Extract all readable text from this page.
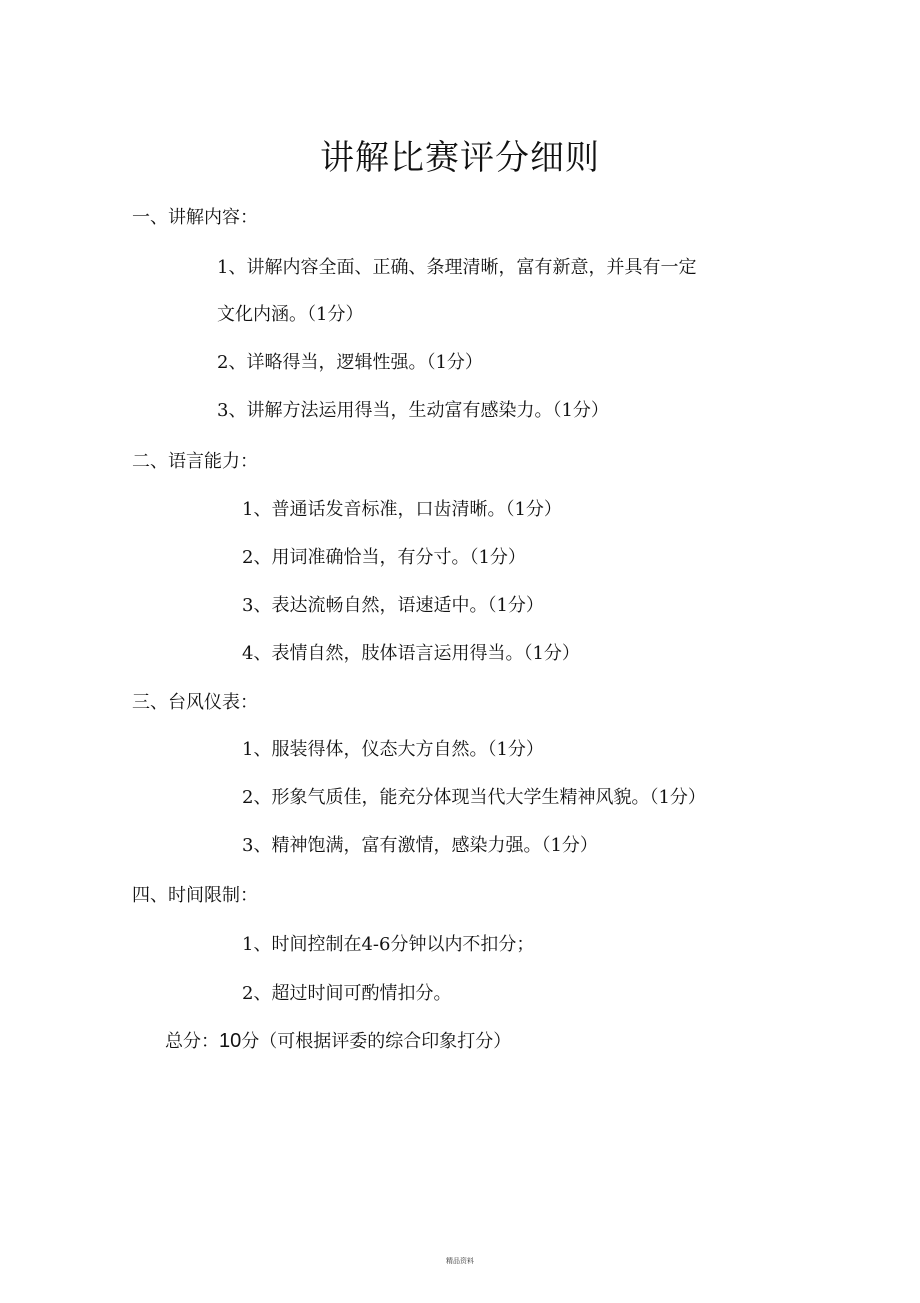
讲解比赛评分细则
一、讲解内容：
1、讲解内容全面、正确、条理清晰，富有新意，并具有一定
文化内涵。（1分）
2、详略得当，逻辑性强。（1分）
3、讲解方法运用得当，生动富有感染力。（1分）
二、语言能力：
1、普通话发音标准，口齿清晰。（1分）
2、用词准确恰当，有分寸。（1分）
3、表达流畅自然，语速适中。（1分）
4、表情自然，肢体语言运用得当。（1分）
三、台风仪表：
1、服装得体，仪态大方自然。（1分）
2、形象气质佳，能充分体现当代大学生精神风貌。（1分）
3、精神饱满，富有激情，感染力强。（1分）
四、时间限制：
1、时间控制在4-6分钟以内不扣分；
2、超过时间可酌情扣分。
总分：10分（可根据评委的综合印象打分）
精品资料
